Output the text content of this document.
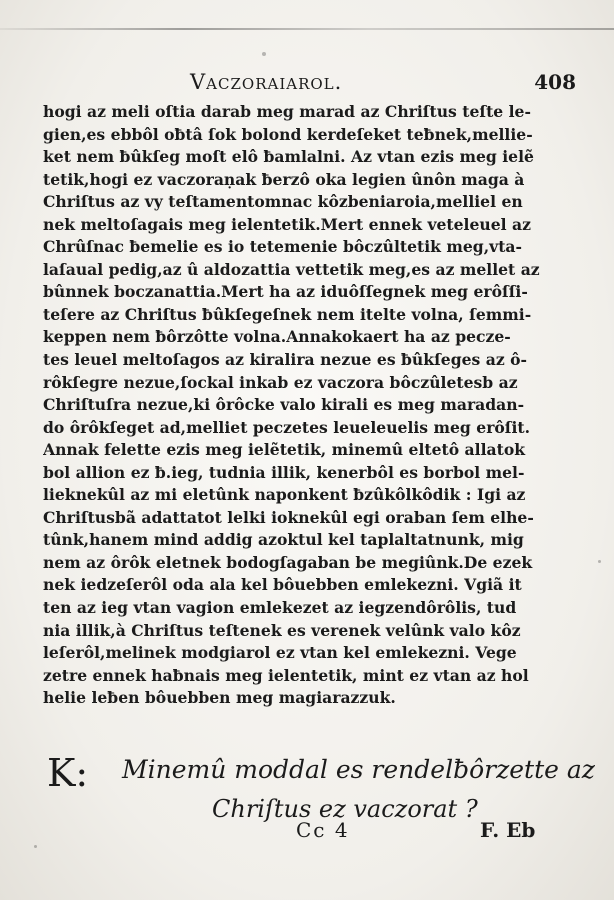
Vaczoraiarol.	408
hogi az meli oſtia darab meg marad az Chriſtus teſte le-
gien,es ebbôl oƀtâ ſok bolond kerdeſeket teƀnek,mellie-
ket nem ƀûkſeg moſt elô ƀamlalni. Az vtan ezis meg ielẽ
tetik,hogi ez vaczoraṇak ƀerzô oka legien ûnôn maga à
Chriſtus az vy teſtamentomnac kôzbeniaroia,melliel en
nek meltoſagais meg ielentetik.Mert ennek veteleuel az
Chrûſnac ƀemelie es io tetemenie bôczûltetik meg,vta-
laſaual pedig,az û aldozattia vettetik meg,es az mellet az
bûnnek boczanattia.Mert ha az iduôſſegnek meg erôſſi-
teſere az Chriſtus ƀûkſegeſnek nem itelte volna, ſemmi-
keppen nem ƀôrzôtte volna.Annakokaert ha az pecze-
tes leuel meltoſagos az kiralira nezue es ƀûkſeges az ô-
rôkſegre nezue,ſockal inkab ez vaczora bôczûletesb az
Chriſtuſra nezue,ki ôrôcke valo kirali es meg maradan-
do ôrôkſeget ad,melliet peczetes leueleuelis meg erôſit.
Annak felette ezis meg ielẽtetik, minemû eltetô allatok
bol allion ez ƀ.ieg, tudnia illik, kenerbôl es borbol mel-
lieknekûl az mi eletûnk naponkent ƀzûkôlkôdik : Igi az
Chriſtusbã adattatot lelki ioknekûl egi oraban ſem elhe-
tûnk,hanem mind addig azoktul kel taplaltatnunk, mig
nem az ôrôk eletnek bodogſagaban be megiûnk.De ezek
nek iedzeſerôl oda ala kel bôuebben emlekezni. Vgiã it
ten az ieg vtan vagion emlekezet az iegzendôrôlis, tud
nia illik,à Chriſtus teſtenek es verenek velûnk valo kôz
leſerôl,melinek modgiarol ez vtan kel emlekezni. Vege
zetre ennek haƀnais meg ielentetik, mint ez vtan az hol
helie leƀen bôuebben meg magiarazzuk.
K: Minemû moddal es rendelƀôrzette az
Chriſtus ez vaczorat ?
Cc 4	F. Eb
